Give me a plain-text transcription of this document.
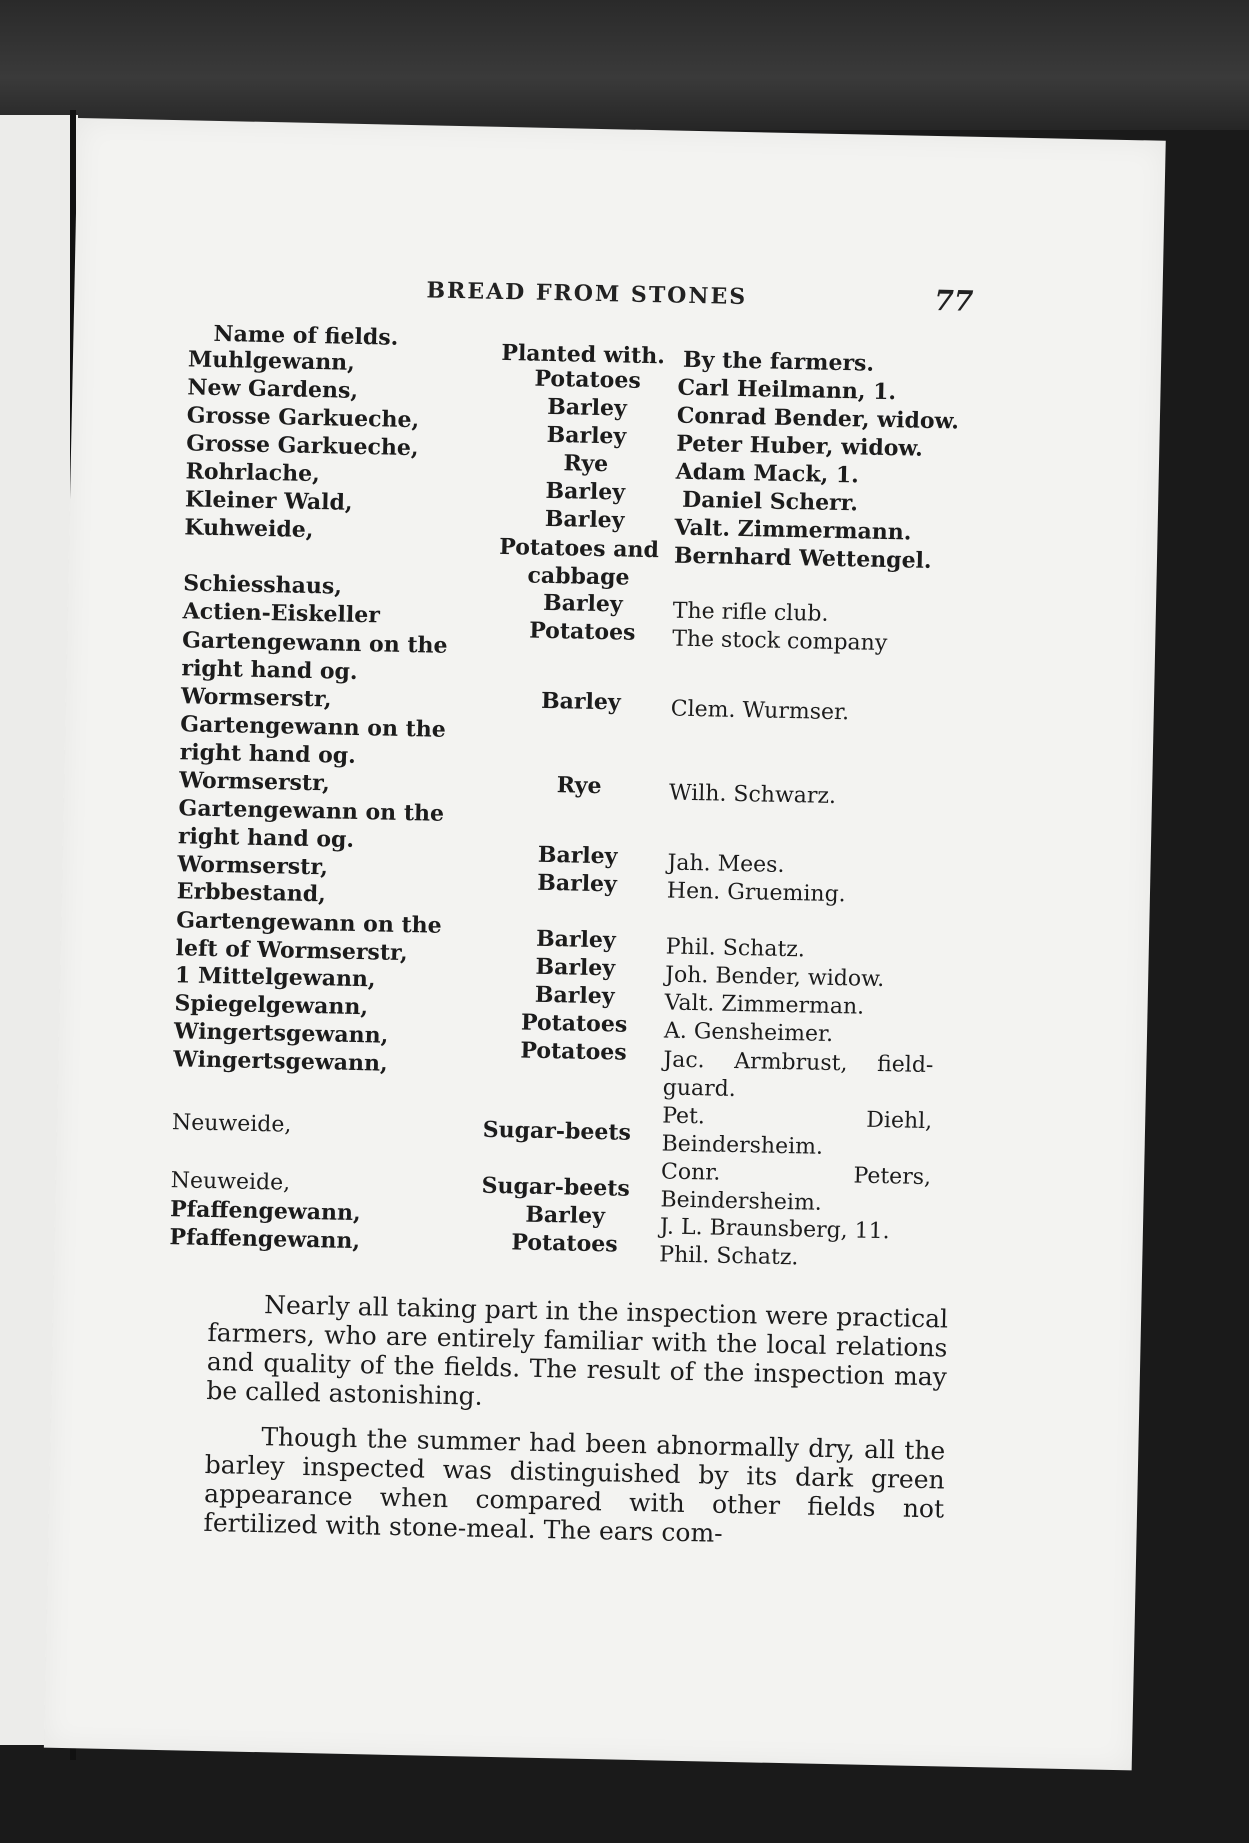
BREAD FROM STONES	77
Name of fields.
Planted with. By the farmers.
Muhlgewann,
New Gardens,
Grosse Garkueche,
Grosse Garkueche,
Rohrlache,
Kleiner Wald,
Kuhweide,
Schiesshaus,
Actien-Eiskeller
Gartengewann on the right hand og. Wormserstr,
Gartengewann on the right hand og. Wormserstr,
Gartengewann on the right hand og. Wormserstr,
Erbbestand,
Gartengewann on the left of Wormserstr,
1 Mittelgewann,
Spiegelgewann,
Wingertsgewann,
Wingertsgewann,
Neuweide,
Neuweide,
Pfaffengewann,
Pfaffengewann,
Potatoes
Barley
Barley
Rye
Barley
Barley
Potatoes and cabbage
Barley
Potatoes
Barley
Rye
Barley
Barley
Barley
Barley
Barley
Potatoes
Potatoes
Sugar-beets
Sugar-beets
Barley
Potatoes
Carl Heilmann, 1.
Conrad Bender, widow.
Peter Huber, widow.
Adam Mack, 1.
Daniel Scherr.
Valt. Zimmermann.
Bernhard Wettengel.
The rifle club.
The stock company
Clem. Wurmser.
Wilh. Schwarz.
Jah. Mees.
Hen. Grueming.
Phil. Schatz.
Joh. Bender, widow.
Valt. Zimmerman.
A. Gensheimer.
Jac. Armbrust, field-guard.
Pet. Diehl, Beindersheim.
Conr. Peters, Beindersheim.
J. L. Braunsberg, 11.
Phil. Schatz.
Nearly all taking part in the inspection were practical farmers, who are entirely familiar with the local relations and quality of the fields. The result of the inspection may be called astonishing.
Though the summer had been abnormally dry, all the barley inspected was distinguished by its dark green appearance when compared with other fields not fertilized with stone-meal. The ears com-
